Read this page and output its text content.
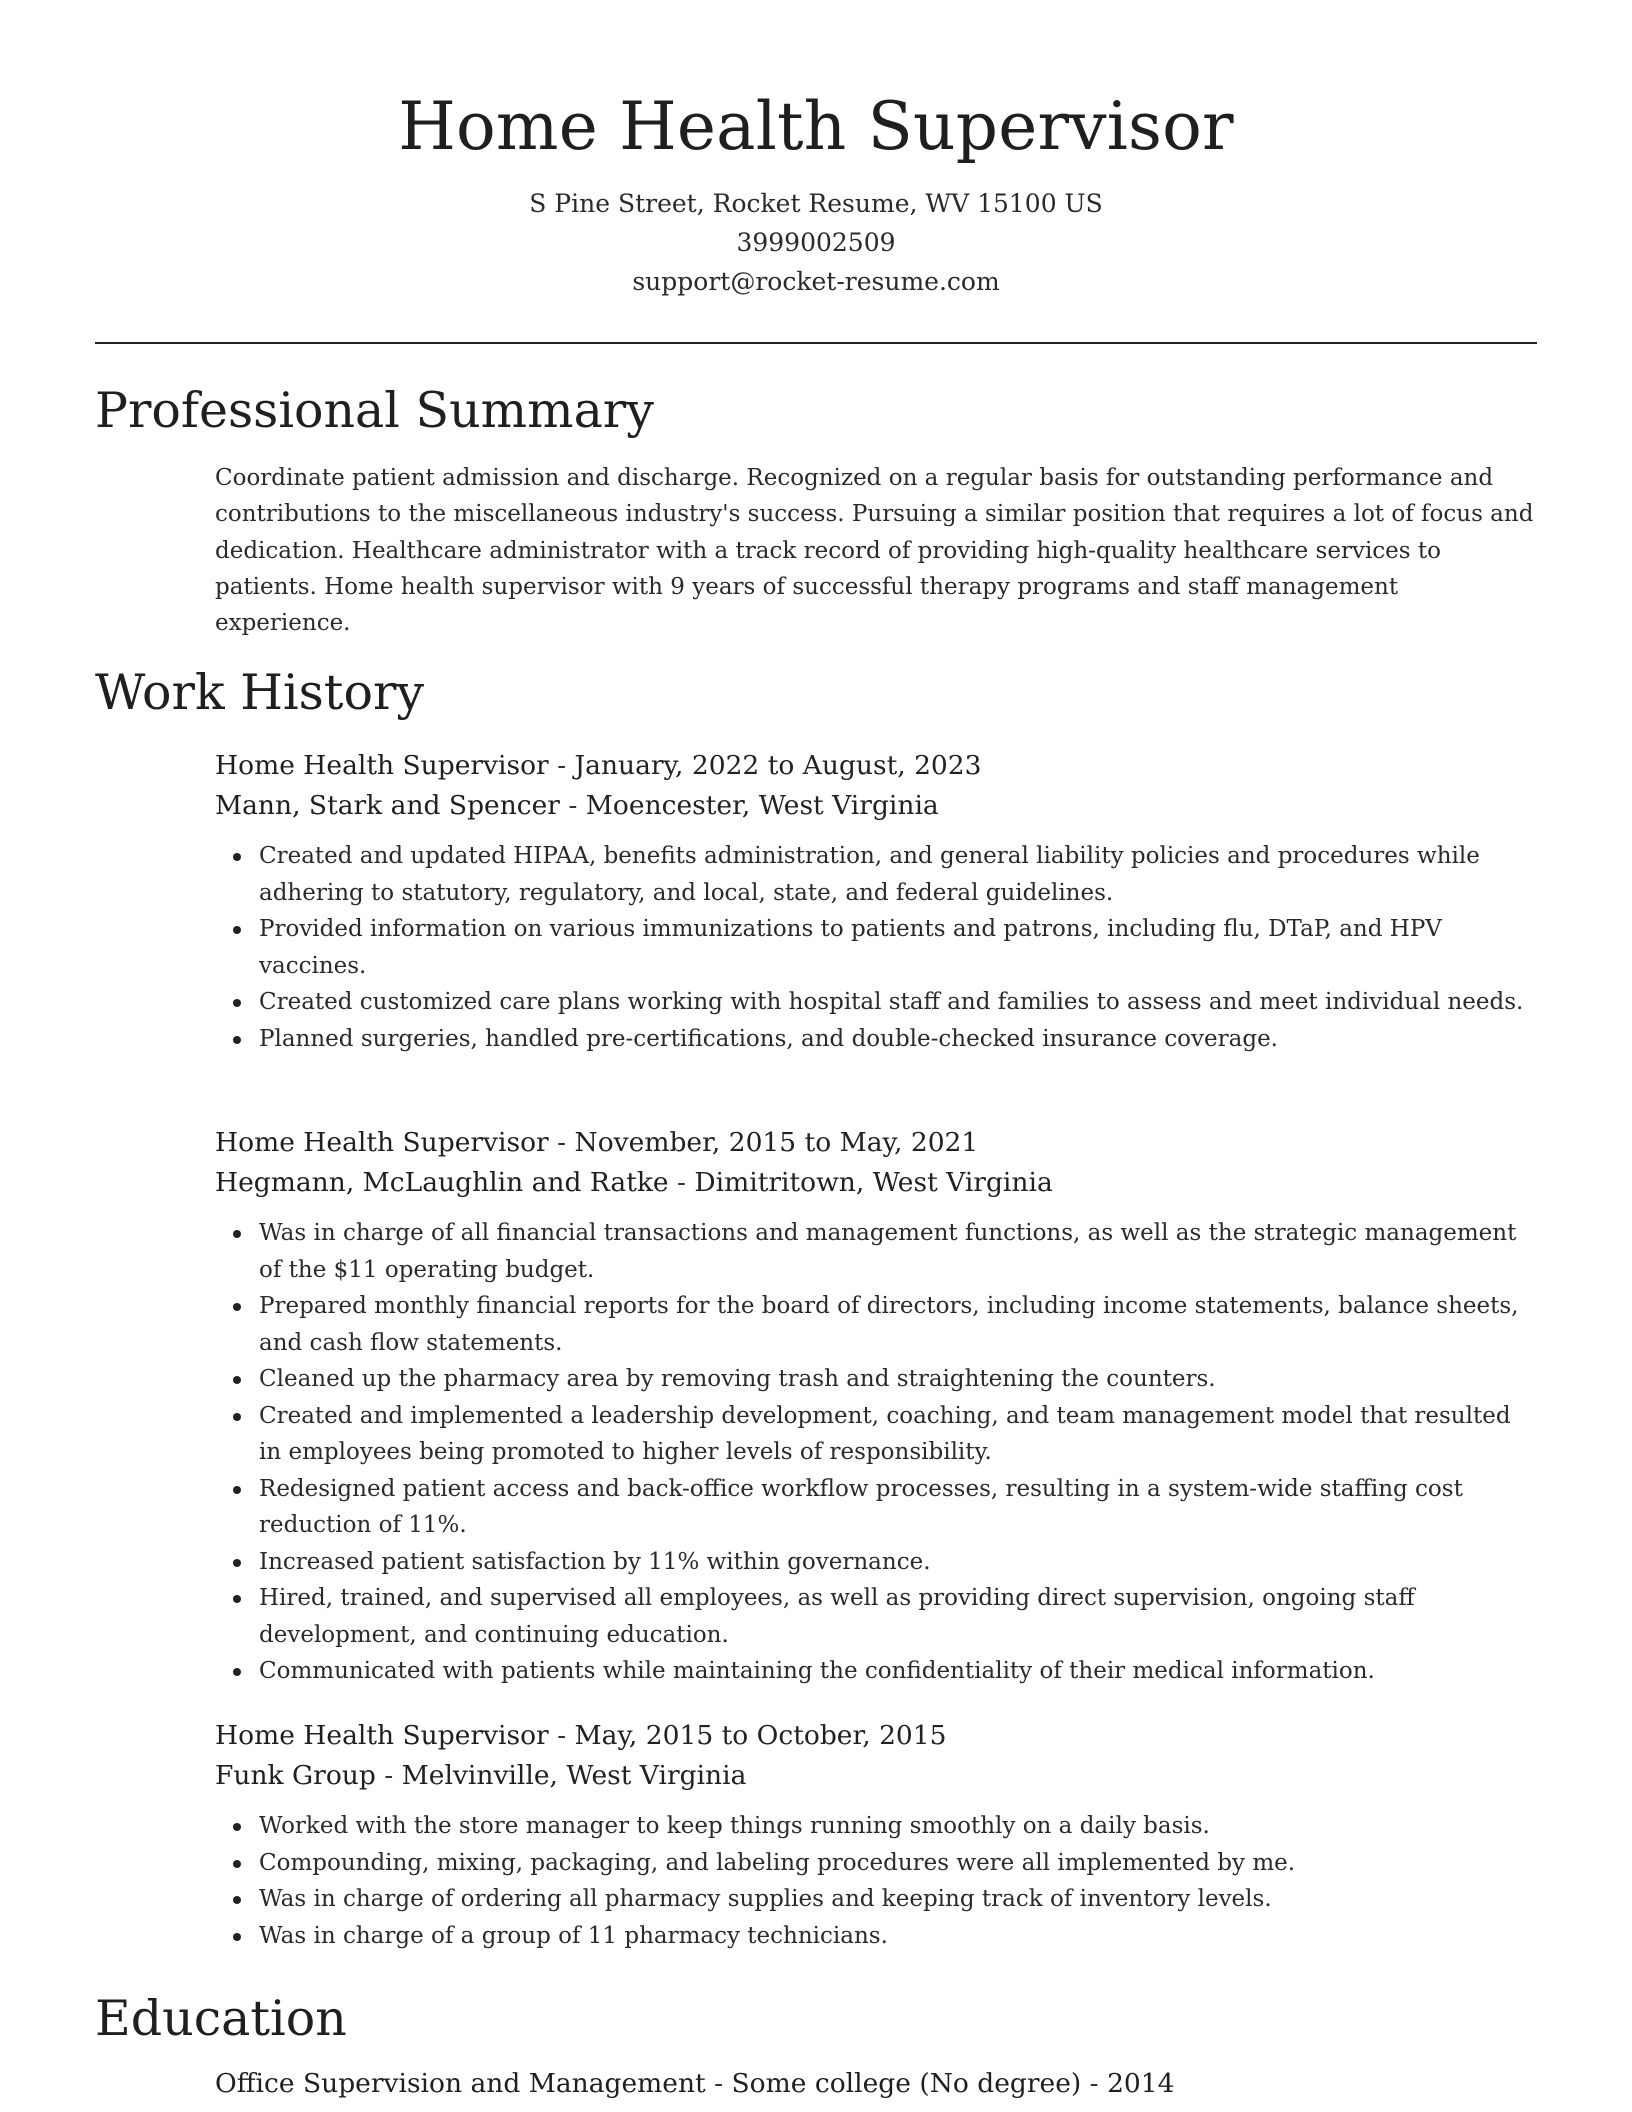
Home Health Supervisor
S Pine Street, Rocket Resume, WV 15100 US
3999002509
support@rocket-resume.com
Professional Summary

Coordinate patient admission and discharge. Recognized on a regular basis for outstanding performance and contributions to the miscellaneous industry's success. Pursuing a similar position that requires a lot of focus and dedication. Healthcare administrator with a track record of providing high-quality healthcare services to patients. Home health supervisor with 9 years of successful therapy programs and staff management experience.

Work History
Home Health Supervisor - January, 2022 to August, 2023
Mann, Stark and Spencer - Moencester, West Virginia
Created and updated HIPAA, benefits administration, and general liability policies and procedures while adhering to statutory, regulatory, and local, state, and federal guidelines.
Provided information on various immunizations to patients and patrons, including flu, DTaP, and HPV vaccines.
Created customized care plans working with hospital staff and families to assess and meet individual needs.
Planned surgeries, handled pre-certifications, and double-checked insurance coverage.
Home Health Supervisor - November, 2015 to May, 2021
Hegmann, McLaughlin and Ratke - Dimitritown, West Virginia
Was in charge of all financial transactions and management functions, as well as the strategic management of the $11 operating budget.
Prepared monthly financial reports for the board of directors, including income statements, balance sheets, and cash flow statements.
Cleaned up the pharmacy area by removing trash and straightening the counters.
Created and implemented a leadership development, coaching, and team management model that resulted in employees being promoted to higher levels of responsibility.
Redesigned patient access and back-office workflow processes, resulting in a system-wide staffing cost reduction of 11%.
Increased patient satisfaction by 11% within governance.
Hired, trained, and supervised all employees, as well as providing direct supervision, ongoing staff development, and continuing education.
Communicated with patients while maintaining the confidentiality of their medical information.
Home Health Supervisor - May, 2015 to October, 2015
Funk Group - Melvinville, West Virginia
Worked with the store manager to keep things running smoothly on a daily basis.
Compounding, mixing, packaging, and labeling procedures were all implemented by me.
Was in charge of ordering all pharmacy supplies and keeping track of inventory levels.
Was in charge of a group of 11 pharmacy technicians.
Education
Office Supervision and Management - Some college (No degree) - 2014
